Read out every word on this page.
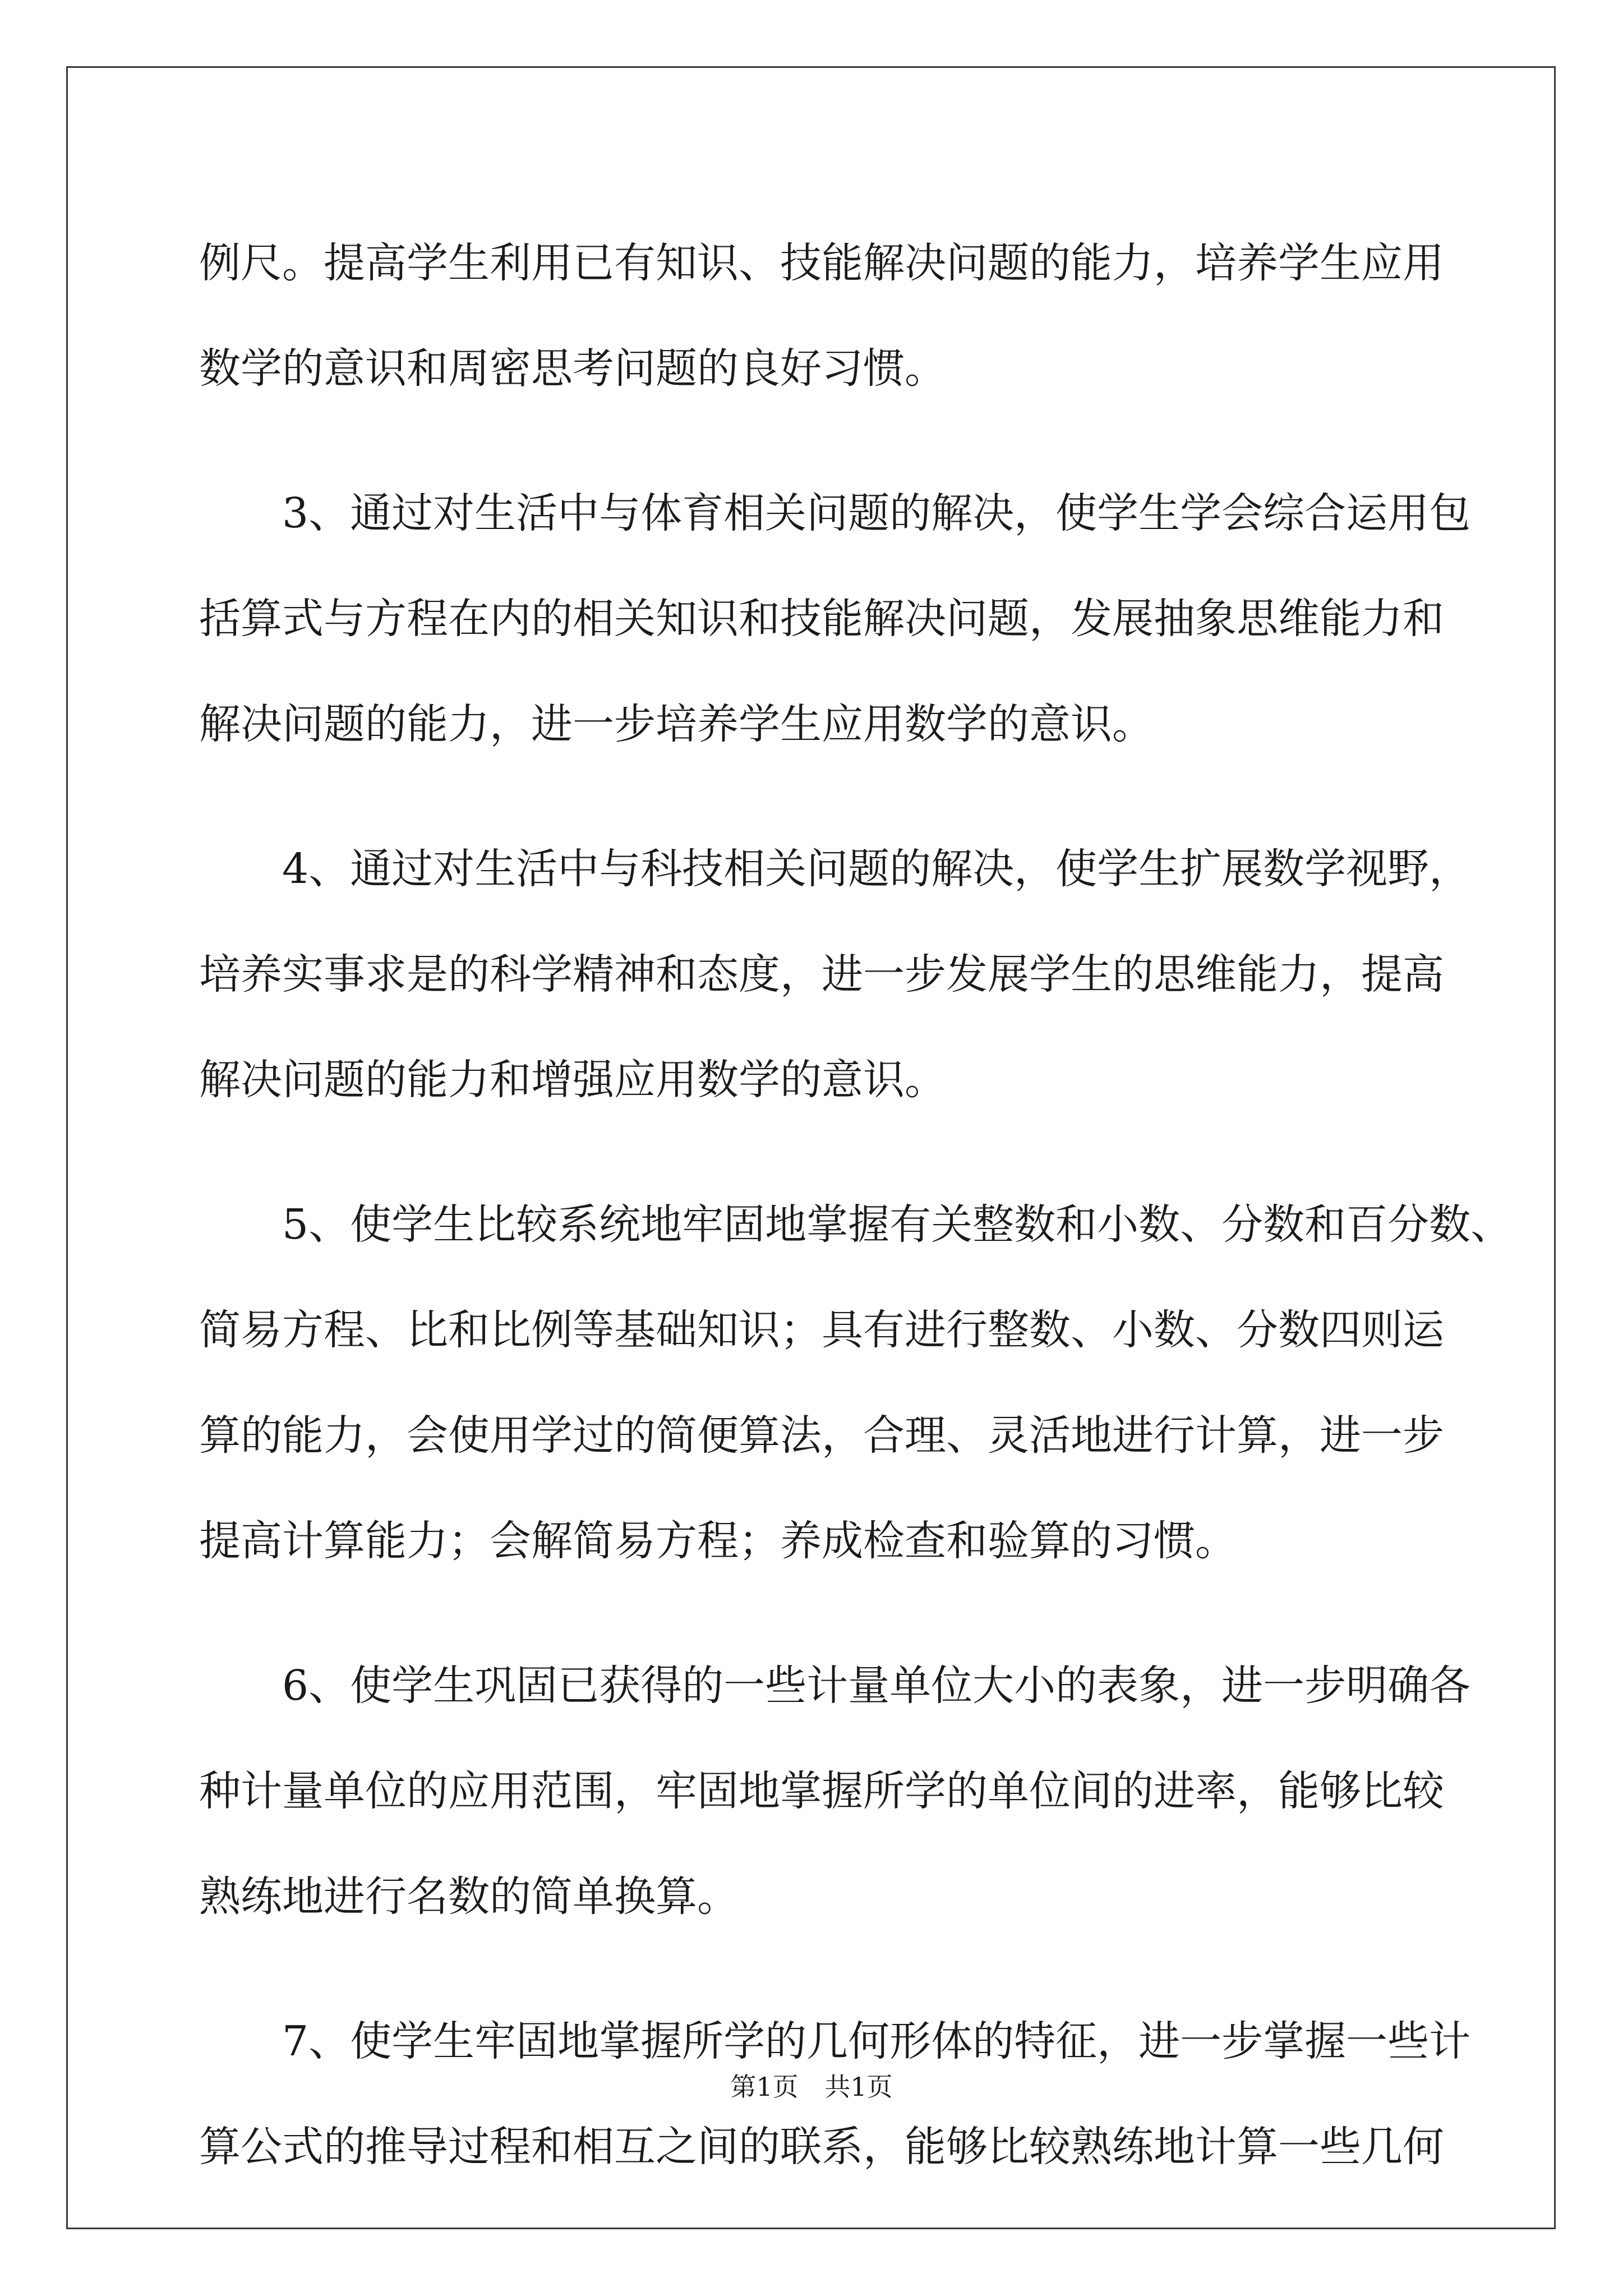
例尺。提高学生利用已有知识、技能解决问题的能力，培养学生应用
数学的意识和周密思考问题的良好习惯。

3、通过对生活中与体育相关问题的解决，使学生学会综合运用包
括算式与方程在内的相关知识和技能解决问题，发展抽象思维能力和
解决问题的能力，进一步培养学生应用数学的意识。

4、通过对生活中与科技相关问题的解决，使学生扩展数学视野，
培养实事求是的科学精神和态度，进一步发展学生的思维能力，提高
解决问题的能力和增强应用数学的意识。

5、使学生比较系统地牢固地掌握有关整数和小数、分数和百分数、
简易方程、比和比例等基础知识；具有进行整数、小数、分数四则运
算的能力，会使用学过的简便算法，合理、灵活地进行计算，进一步
提高计算能力；会解简易方程；养成检查和验算的习惯。

6、使学生巩固已获得的一些计量单位大小的表象，进一步明确各
种计量单位的应用范围，牢固地掌握所学的单位间的进率，能够比较
熟练地进行名数的简单换算。

7、使学生牢固地掌握所学的几何形体的特征，进一步掌握一些计
算公式的推导过程和相互之间的联系，能够比较熟练地计算一些几何

第1页 共1页
